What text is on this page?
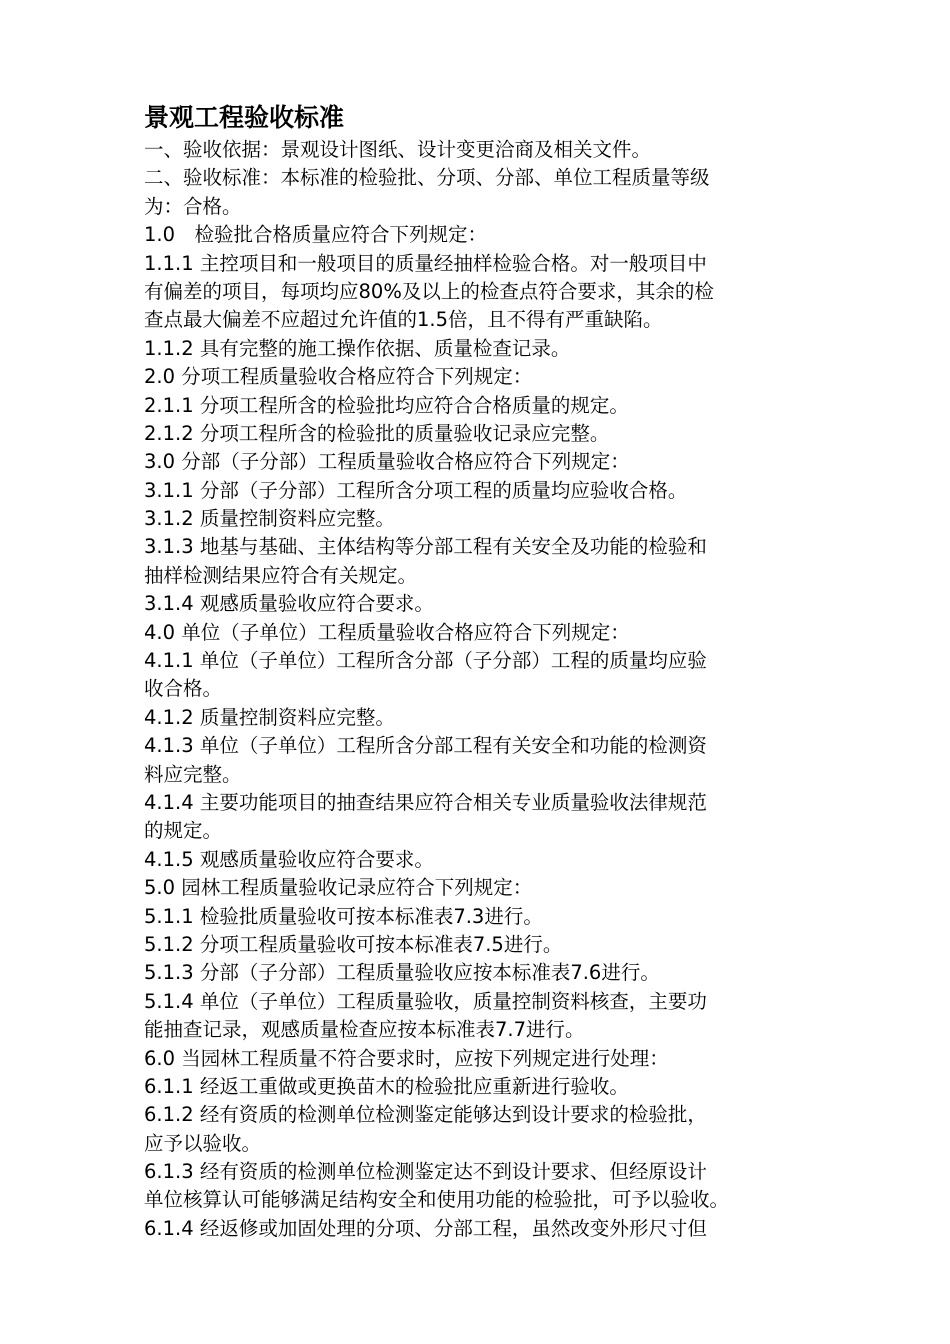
景观工程验收标准
一、验收依据：景观设计图纸、设计变更洽商及相关文件。
二、验收标准：本标准的检验批、分项、分部、单位工程质量等级
为：合格。
1.0　检验批合格质量应符合下列规定：
1.1.1 主控项目和一般项目的质量经抽样检验合格。对一般项目中
有偏差的项目，每项均应80%及以上的检查点符合要求，其余的检
查点最大偏差不应超过允许值的1.5倍，且不得有严重缺陷。
1.1.2 具有完整的施工操作依据、质量检查记录。
2.0 分项工程质量验收合格应符合下列规定：
2.1.1 分项工程所含的检验批均应符合合格质量的规定。
2.1.2 分项工程所含的检验批的质量验收记录应完整。
3.0 分部（子分部）工程质量验收合格应符合下列规定：
3.1.1 分部（子分部）工程所含分项工程的质量均应验收合格。
3.1.2 质量控制资料应完整。
3.1.3 地基与基础、主体结构等分部工程有关安全及功能的检验和
抽样检测结果应符合有关规定。
3.1.4 观感质量验收应符合要求。
4.0 单位（子单位）工程质量验收合格应符合下列规定：
4.1.1 单位（子单位）工程所含分部（子分部）工程的质量均应验
收合格。
4.1.2 质量控制资料应完整。
4.1.3 单位（子单位）工程所含分部工程有关安全和功能的检测资
料应完整。
4.1.4 主要功能项目的抽查结果应符合相关专业质量验收法律规范
的规定。
4.1.5 观感质量验收应符合要求。
5.0 园林工程质量验收记录应符合下列规定：
5.1.1 检验批质量验收可按本标准表7.3进行。
5.1.2 分项工程质量验收可按本标准表7.5进行。
5.1.3 分部（子分部）工程质量验收应按本标准表7.6进行。
5.1.4 单位（子单位）工程质量验收，质量控制资料核查，主要功
能抽查记录，观感质量检查应按本标准表7.7进行。
6.0 当园林工程质量不符合要求时，应按下列规定进行处理：
6.1.1 经返工重做或更换苗木的检验批应重新进行验收。
6.1.2 经有资质的检测单位检测鉴定能够达到设计要求的检验批，
应予以验收。
6.1.3 经有资质的检测单位检测鉴定达不到设计要求、但经原设计
单位核算认可能够满足结构安全和使用功能的检验批，可予以验收。
6.1.4 经返修或加固处理的分项、分部工程，虽然改变外形尺寸但
